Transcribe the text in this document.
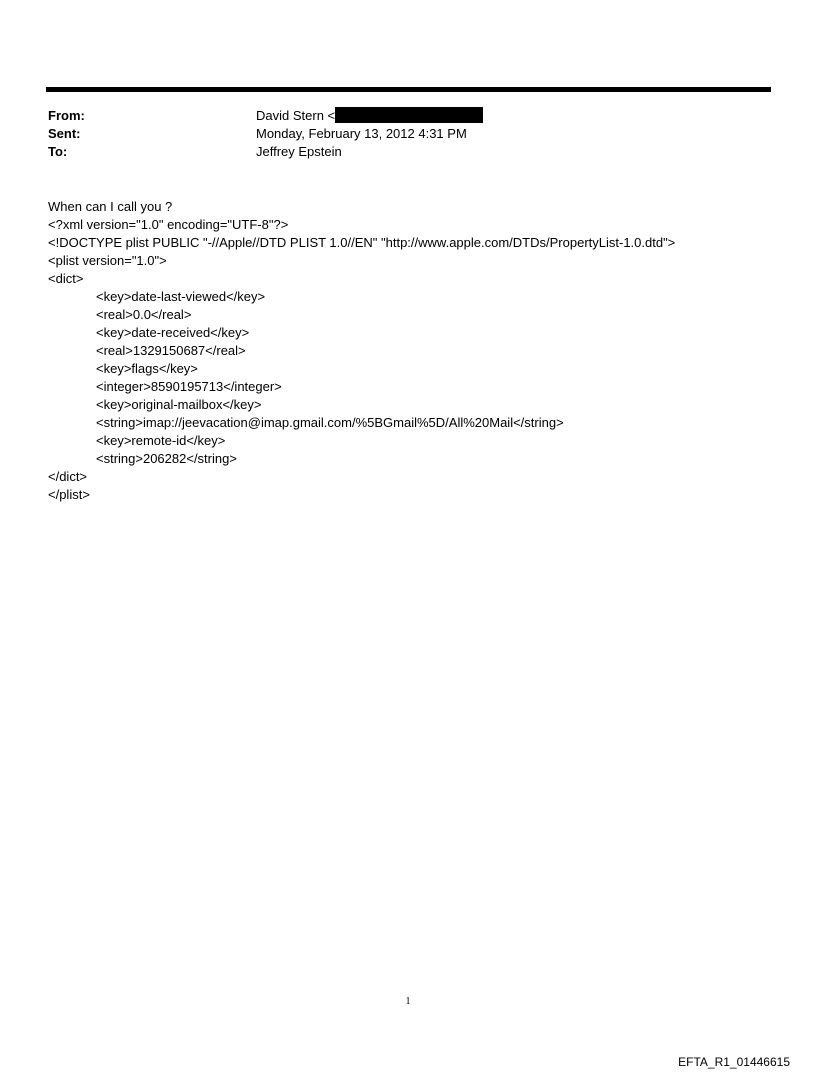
From:	David Stern <
Sent:	Monday, February 13, 2012 4:31 PM
To:	Jeffrey Epstein
When can I call you ?
<?xml version="1.0" encoding="UTF-8"?>
<!DOCTYPE plist PUBLIC "-//Apple//DTD PLIST 1.0//EN" "http://www.apple.com/DTDs/PropertyList-1.0.dtd">
<plist version="1.0">
<dict>
<key>date-last-viewed</key>
<real>0.0</real>
<key>date-received</key>
<real>1329150687</real>
<key>flags</key>
<integer>8590195713</integer>
<key>original-mailbox</key>
<string>imap://jeevacation@imap.gmail.com/%5BGmail%5D/All%20Mail</string>
<key>remote-id</key>
<string>206282</string>
</dict>
</plist>
1
EFTA_R1_01446615
